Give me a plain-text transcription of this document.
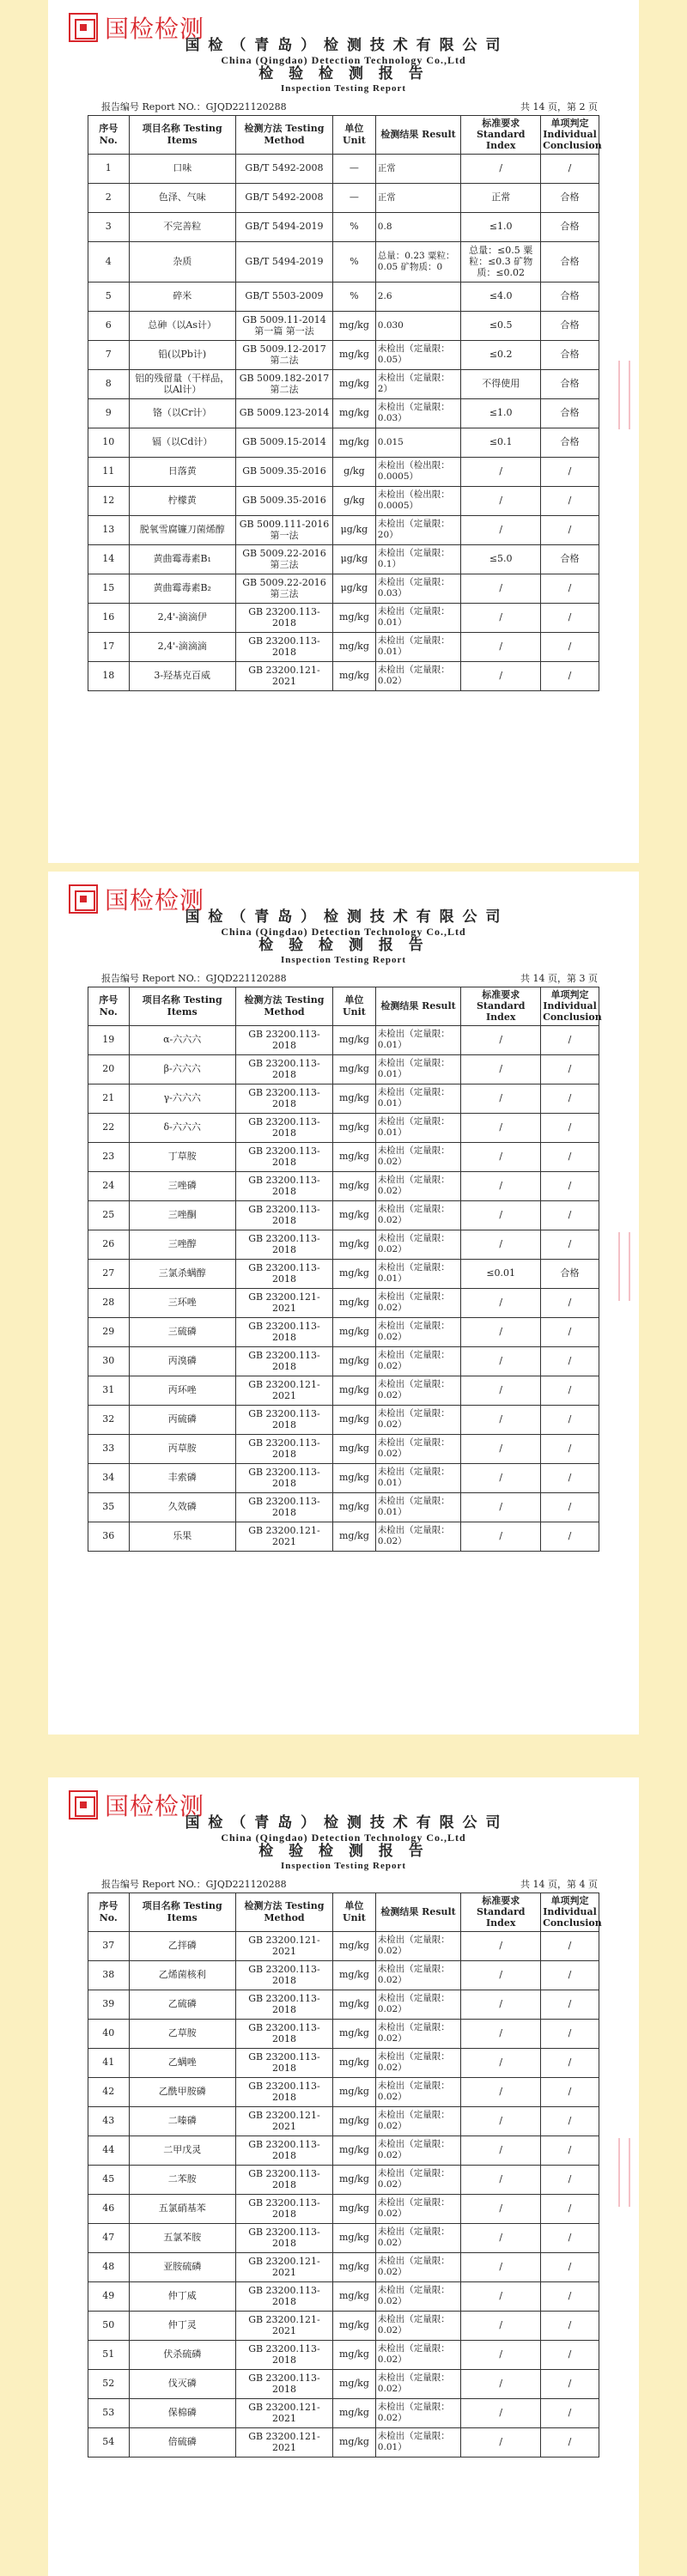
国检检测
国 检 （ 青 岛 ） 检 测 技 术 有 限 公 司
China (Qingdao) Detection Technology Co.,Ltd
检 验 检 测 报 告
Inspection Testing Report
报告编号 Report NO.：GJQD221120288	共 14 页，第 2 页
序号 No.	项目名称 Testing Items	检测方法 Testing Method	单位 Unit	检测结果 Result	标准要求 Standard Index	单项判定 Individual Conclusion
1	口味	GB/T 5492-2008	—	正常	/	/
2	色泽、气味	GB/T 5492-2008	—	正常	正常	合格
3	不完善粒	GB/T 5494-2019	%	0.8	≤1.0	合格
4	杂质	GB/T 5494-2019	%	总量：0.23 粟粒：0.05 矿物质：0	总量：≤0.5 粟粒：≤0.3 矿物质：≤0.02	合格
5	碎米	GB/T 5503-2009	%	2.6	≤4.0	合格
6	总砷（以As计）	GB 5009.11-2014 第一篇 第一法	mg/kg	0.030	≤0.5	合格
7	铅(以Pb计)	GB 5009.12-2017 第二法	mg/kg	未检出（定量限：0.05）	≤0.2	合格
8	铝的残留量（干样品，以Al计）	GB 5009.182-2017 第二法	mg/kg	未检出（定量限：2）	不得使用	合格
9	铬（以Cr计）	GB 5009.123-2014	mg/kg	未检出（定量限：0.03）	≤1.0	合格
10	镉（以Cd计）	GB 5009.15-2014	mg/kg	0.015	≤0.1	合格
11	日落黄	GB 5009.35-2016	g/kg	未检出（检出限：0.0005）	/	/
12	柠檬黄	GB 5009.35-2016	g/kg	未检出（检出限：0.0005）	/	/
13	脱氧雪腐镰刀菌烯醇	GB 5009.111-2016第一法	μg/kg	未检出（定量限：20）	/	/
14	黄曲霉毒素B₁	GB 5009.22-2016 第三法	μg/kg	未检出（定量限：0.1）	≤5.0	合格
15	黄曲霉毒素B₂	GB 5009.22-2016 第三法	μg/kg	未检出（定量限：0.03）	/	/
16	2,4'-滴滴伊	GB 23200.113-2018	mg/kg	未检出（定量限：0.01）	/	/
17	2,4'-滴滴滴	GB 23200.113-2018	mg/kg	未检出（定量限：0.01）	/	/
18	3-羟基克百威	GB 23200.121-2021	mg/kg	未检出（定量限：0.02）	/	/
国检检测
国 检 （ 青 岛 ） 检 测 技 术 有 限 公 司
China (Qingdao) Detection Technology Co.,Ltd
检 验 检 测 报 告
Inspection Testing Report
报告编号 Report NO.：GJQD221120288	共 14 页，第 3 页
序号 No.	项目名称 Testing Items	检测方法 Testing Method	单位 Unit	检测结果 Result	标准要求 Standard Index	单项判定 Individual Conclusion
19	α-六六六	GB 23200.113-2018	mg/kg	未检出（定量限：0.01）	/	/
20	β-六六六	GB 23200.113-2018	mg/kg	未检出（定量限：0.01）	/	/
21	γ-六六六	GB 23200.113-2018	mg/kg	未检出（定量限：0.01）	/	/
22	δ-六六六	GB 23200.113-2018	mg/kg	未检出（定量限：0.01）	/	/
23	丁草胺	GB 23200.113-2018	mg/kg	未检出（定量限：0.02）	/	/
24	三唑磷	GB 23200.113-2018	mg/kg	未检出（定量限：0.02）	/	/
25	三唑酮	GB 23200.113-2018	mg/kg	未检出（定量限：0.02）	/	/
26	三唑醇	GB 23200.113-2018	mg/kg	未检出（定量限：0.02）	/	/
27	三氯杀螨醇	GB 23200.113-2018	mg/kg	未检出（定量限：0.01）	≤0.01	合格
28	三环唑	GB 23200.121-2021	mg/kg	未检出（定量限：0.02）	/	/
29	三硫磷	GB 23200.113-2018	mg/kg	未检出（定量限：0.02）	/	/
30	丙溴磷	GB 23200.113-2018	mg/kg	未检出（定量限：0.02）	/	/
31	丙环唑	GB 23200.121-2021	mg/kg	未检出（定量限：0.02）	/	/
32	丙硫磷	GB 23200.113-2018	mg/kg	未检出（定量限：0.02）	/	/
33	丙草胺	GB 23200.113-2018	mg/kg	未检出（定量限：0.02）	/	/
34	丰索磷	GB 23200.113-2018	mg/kg	未检出（定量限：0.01）	/	/
35	久效磷	GB 23200.113-2018	mg/kg	未检出（定量限：0.01）	/	/
36	乐果	GB 23200.121-2021	mg/kg	未检出（定量限：0.02）	/	/
国检检测
国 检 （ 青 岛 ） 检 测 技 术 有 限 公 司
China (Qingdao) Detection Technology Co.,Ltd
检 验 检 测 报 告
Inspection Testing Report
报告编号 Report NO.：GJQD221120288	共 14 页，第 4 页
序号 No.	项目名称 Testing Items	检测方法 Testing Method	单位 Unit	检测结果 Result	标准要求 Standard Index	单项判定 Individual Conclusion
37	乙拌磷	GB 23200.121-2021	mg/kg	未检出（定量限：0.02）	/	/
38	乙烯菌核利	GB 23200.113-2018	mg/kg	未检出（定量限：0.02）	/	/
39	乙硫磷	GB 23200.113-2018	mg/kg	未检出（定量限：0.02）	/	/
40	乙草胺	GB 23200.113-2018	mg/kg	未检出（定量限：0.02）	/	/
41	乙螨唑	GB 23200.113-2018	mg/kg	未检出（定量限：0.02）	/	/
42	乙酰甲胺磷	GB 23200.113-2018	mg/kg	未检出（定量限：0.02）	/	/
43	二嗪磷	GB 23200.121-2021	mg/kg	未检出（定量限：0.02）	/	/
44	二甲戊灵	GB 23200.113-2018	mg/kg	未检出（定量限：0.02）	/	/
45	二苯胺	GB 23200.113-2018	mg/kg	未检出（定量限：0.02）	/	/
46	五氯硝基苯	GB 23200.113-2018	mg/kg	未检出（定量限：0.02）	/	/
47	五氯苯胺	GB 23200.113-2018	mg/kg	未检出（定量限：0.02）	/	/
48	亚胺硫磷	GB 23200.121-2021	mg/kg	未检出（定量限：0.02）	/	/
49	仲丁威	GB 23200.113-2018	mg/kg	未检出（定量限：0.02）	/	/
50	仲丁灵	GB 23200.121-2021	mg/kg	未检出（定量限：0.02）	/	/
51	伏杀硫磷	GB 23200.113-2018	mg/kg	未检出（定量限：0.02）	/	/
52	伐灭磷	GB 23200.113-2018	mg/kg	未检出（定量限：0.02）	/	/
53	保棉磷	GB 23200.121-2021	mg/kg	未检出（定量限：0.02）	/	/
54	倍硫磷	GB 23200.121-2021	mg/kg	未检出（定量限：0.01）	/	/
